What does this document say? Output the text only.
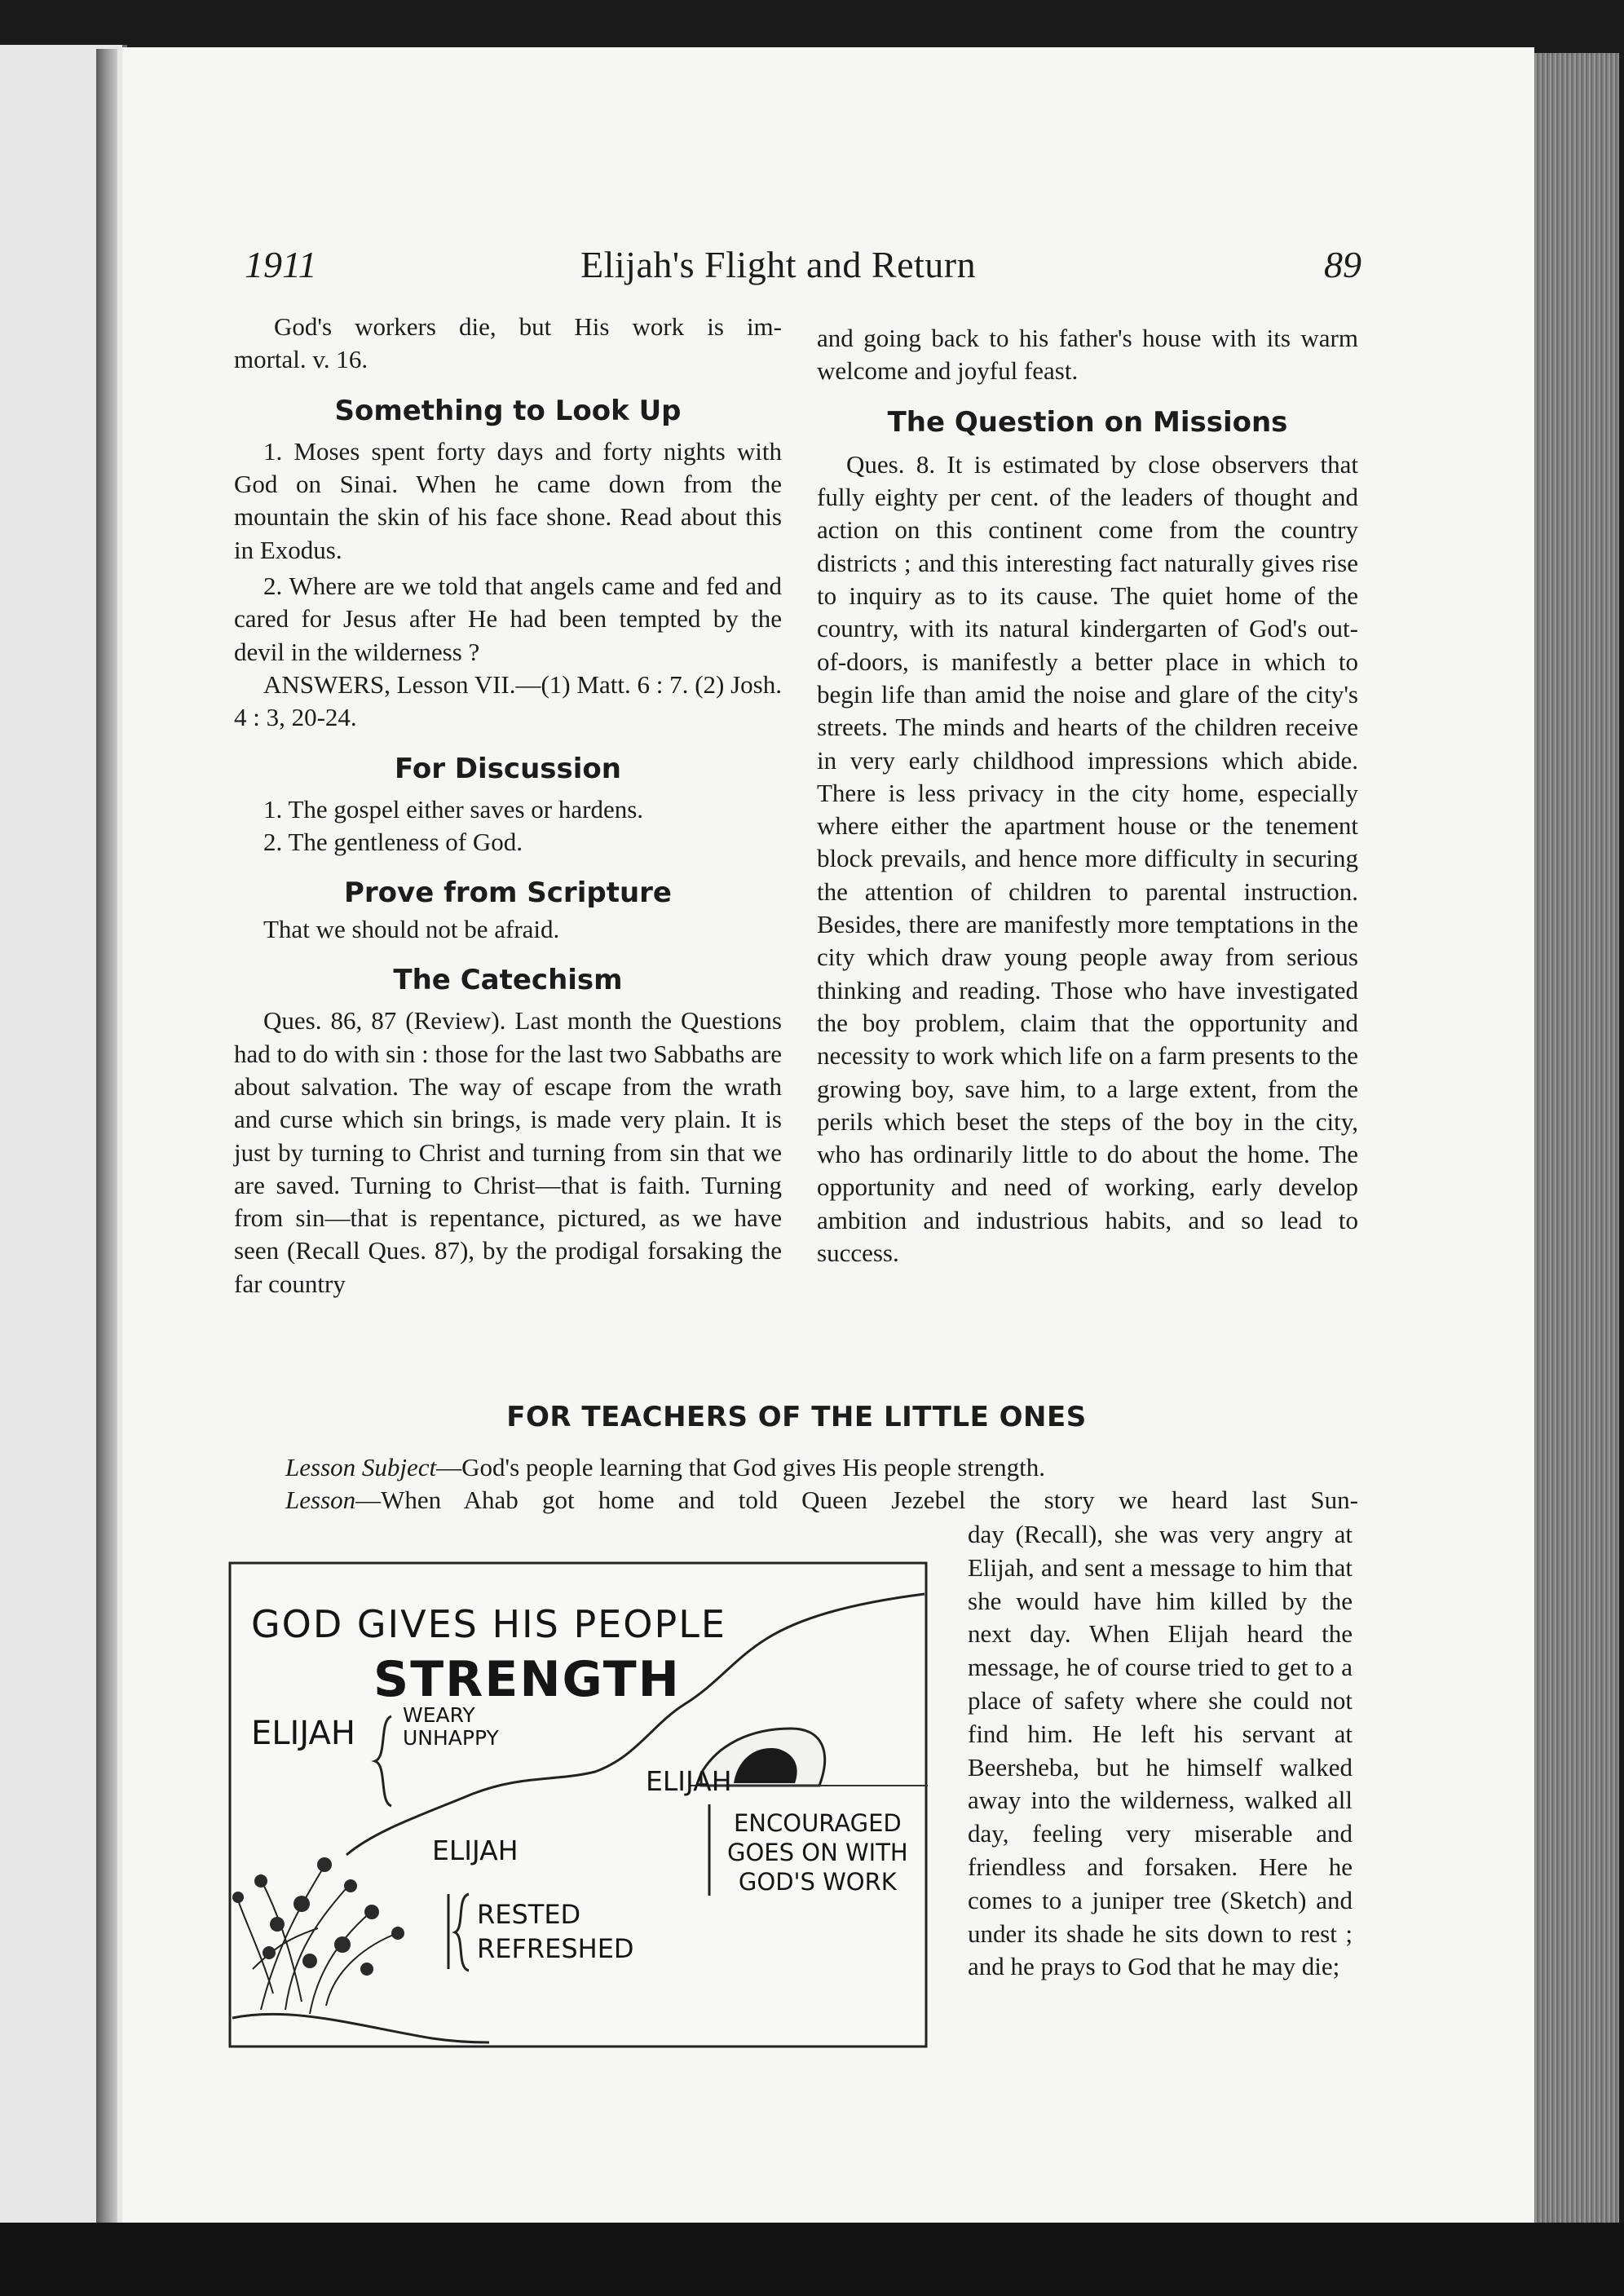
1911	Elijah's Flight and Return	89

God's workers die, but His work is im-

mortal. v. 16.

Something to Look Up

1. Moses spent forty days and forty nights with God on Sinai. When he came down from the mountain the skin of his face shone. Read about this in Exodus.

2. Where are we told that angels came and fed and cared for Jesus after He had been tempted by the devil in the wilderness ?

ANSWERS, Lesson VII.—(1) Matt. 6 : 7. (2) Josh. 4 : 3, 20-24.

For Discussion

1. The gospel either saves or hardens.

2. The gentleness of God.

Prove from Scripture

That we should not be afraid.

The Catechism

Ques. 86, 87 (Review). Last month the Questions had to do with sin : those for the last two Sabbaths are about salvation. The way of escape from the wrath and curse which sin brings, is made very plain. It is just by turning to Christ and turning from sin that we are saved. Turning to Christ—that is faith. Turning from sin—that is repentance, pictured, as we have seen (Recall Ques. 87), by the prodigal forsaking the far country

and going back to his father's house with its warm welcome and joyful feast.

The Question on Missions

Ques. 8. It is estimated by close observers that fully eighty per cent. of the leaders of thought and action on this continent come from the country districts ; and this interesting fact naturally gives rise to inquiry as to its cause. The quiet home of the country, with its natural kindergarten of God's out-of-doors, is manifestly a better place in which to begin life than amid the noise and glare of the city's streets. The minds and hearts of the children receive in very early childhood impressions which abide. There is less privacy in the city home, especially where either the apartment house or the tenement block prevails, and hence more difficulty in securing the attention of children to parental instruction. Besides, there are manifestly more temptations in the city which draw young people away from serious thinking and reading. Those who have investigated the boy problem, claim that the opportunity and necessity to work which life on a farm presents to the growing boy, save him, to a large extent, from the perils which beset the steps of the boy in the city, who has ordinarily little to do about the home. The opportunity and need of working, early develop ambition and industrious habits, and so lead to success.

FOR TEACHERS OF THE LITTLE ONES
Lesson Subject—God's people learning that God gives His people strength.
Lesson—When Ahab got home and told Queen Jezebel the story we heard last Sun-

day (Recall), she was very angry at Elijah, and sent a message to him that she would have him killed by the next day. When Elijah heard the message, he of course tried to get to a place of safety where she could not find him. He left his servant at Beersheba, but he himself walked away into the wilderness, walked all day, feeling very miserable and friendless and forsaken. Here he comes to a juniper tree (Sketch) and under its shade he sits down to rest ; and he prays to God that he may die;

GOD GIVES HIS PEOPLE
STRENGTH
ELIJAH WEARY
UNHAPPY
ELIJAH
ELIJAH
RESTED
REFRESHED
ENCOURAGED
GOES ON WITH
GOD'S WORK
